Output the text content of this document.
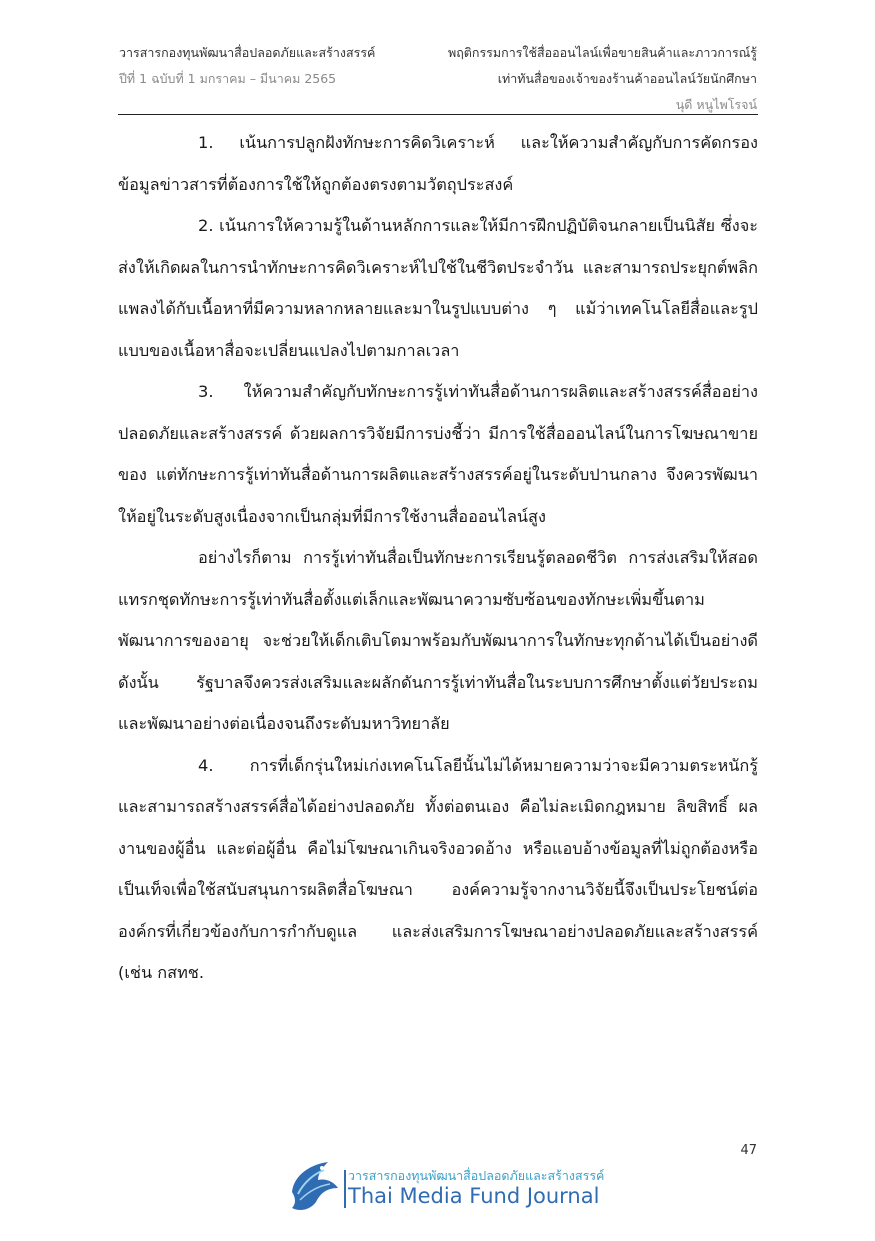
วารสารกองทุนพัฒนาสื่อปลอดภัยและสร้างสรรค์
ปีที่ 1 ฉบับที่ 1 มกราคม – มีนาคม 2565
พฤติกรรมการใช้สื่อออนไลน์เพื่อขายสินค้าและภาวการณ์รู้
เท่าทันสื่อของเจ้าของร้านค้าออนไลน์วัยนักศึกษา
นุดี หนูไพโรจน์

1. เน้นการปลูกฝังทักษะการคิดวิเคราะห์ และให้ความสำคัญกับการคัดกรองข้อมูลข่าวสารที่ต้องการใช้ให้ถูกต้องตรงตามวัตถุประสงค์

2. เน้นการให้ความรู้ในด้านหลักการและให้มีการฝึกปฏิบัติจนกลายเป็นนิสัย ซึ่งจะส่งให้เกิดผลในการนำทักษะการคิดวิเคราะห์ไปใช้ในชีวิตประจำวัน และสามารถประยุกต์พลิกแพลงได้กับเนื้อหาที่มีความหลากหลายและมาในรูปแบบต่าง ๆ แม้ว่าเทคโนโลยีสื่อและรูปแบบของเนื้อหาสื่อจะเปลี่ยนแปลงไปตามกาลเวลา

3. ให้ความสำคัญกับทักษะการรู้เท่าทันสื่อด้านการผลิตและสร้างสรรค์สื่ออย่างปลอดภัยและสร้างสรรค์ ด้วยผลการวิจัยมีการบ่งชี้ว่า มีการใช้สื่อออนไลน์ในการโฆษณาขายของ แต่ทักษะการรู้เท่าทันสื่อด้านการผลิตและสร้างสรรค์อยู่ในระดับปานกลาง จึงควรพัฒนาให้อยู่ในระดับสูงเนื่องจากเป็นกลุ่มที่มีการใช้งานสื่อออนไลน์สูง

อย่างไรก็ตาม การรู้เท่าทันสื่อเป็นทักษะการเรียนรู้ตลอดชีวิต การส่งเสริมให้สอดแทรกชุดทักษะการรู้เท่าทันสื่อตั้งแต่เล็กและพัฒนาความซับซ้อนของทักษะเพิ่มขึ้นตามพัฒนาการของอายุ จะช่วยให้เด็กเติบโตมาพร้อมกับพัฒนาการในทักษะทุกด้านได้เป็นอย่างดี ดังนั้น รัฐบาลจึงควรส่งเสริมและผลักดันการรู้เท่าทันสื่อในระบบการศึกษาตั้งแต่วัยประถม และพัฒนาอย่างต่อเนื่องจนถึงระดับมหาวิทยาลัย

4. การที่เด็กรุ่นใหม่เก่งเทคโนโลยีนั้นไม่ได้หมายความว่าจะมีความตระหนักรู้ และสามารถสร้างสรรค์สื่อได้อย่างปลอดภัย ทั้งต่อตนเอง คือไม่ละเมิดกฎหมาย ลิขสิทธิ์ ผลงานของผู้อื่น และต่อผู้อื่น คือไม่โฆษณาเกินจริงอวดอ้าง หรือแอบอ้างข้อมูลที่ไม่ถูกต้องหรือเป็นเท็จเพื่อใช้สนับสนุนการผลิตสื่อโฆษณา องค์ความรู้จากงานวิจัยนี้จึงเป็นประโยชน์ต่อองค์กรที่เกี่ยวข้องกับการกำกับดูแล และส่งเสริมการโฆษณาอย่างปลอดภัยและสร้างสรรค์ (เช่น กสทช.

47
วารสารกองทุนพัฒนาสื่อปลอดภัยและสร้างสรรค์
Thai Media Fund Journal
